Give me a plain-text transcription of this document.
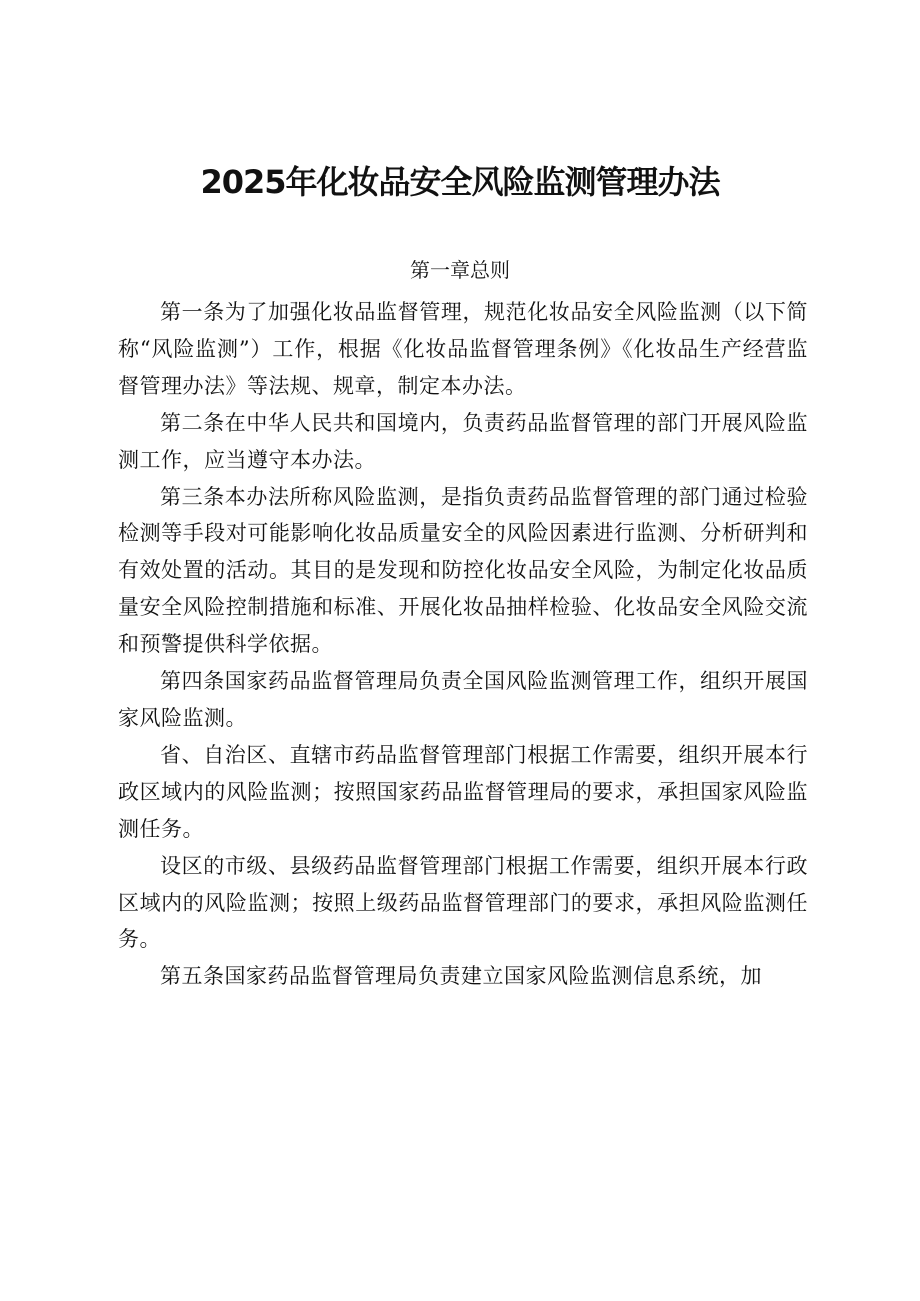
2025年化妆品安全风险监测管理办法
第一章总则

第一条为了加强化妆品监督管理，规范化妆品安全风险监测（以下简称“风险监测”）工作，根据《化妆品监督管理条例》《化妆品生产经营监督管理办法》等法规、规章，制定本办法。

第二条在中华人民共和国境内，负责药品监督管理的部门开展风险监测工作，应当遵守本办法。

第三条本办法所称风险监测，是指负责药品监督管理的部门通过检验检测等手段对可能影响化妆品质量安全的风险因素进行监测、分析研判和有效处置的活动。其目的是发现和防控化妆品安全风险，为制定化妆品质量安全风险控制措施和标准、开展化妆品抽样检验、化妆品安全风险交流和预警提供科学依据。

第四条国家药品监督管理局负责全国风险监测管理工作，组织开展国家风险监测。

省、自治区、直辖市药品监督管理部门根据工作需要，组织开展本行政区域内的风险监测；按照国家药品监督管理局的要求，承担国家风险监测任务。

设区的市级、县级药品监督管理部门根据工作需要，组织开展本行政区域内的风险监测；按照上级药品监督管理部门的要求，承担风险监测任务。

第五条国家药品监督管理局负责建立国家风险监测信息系统，加
